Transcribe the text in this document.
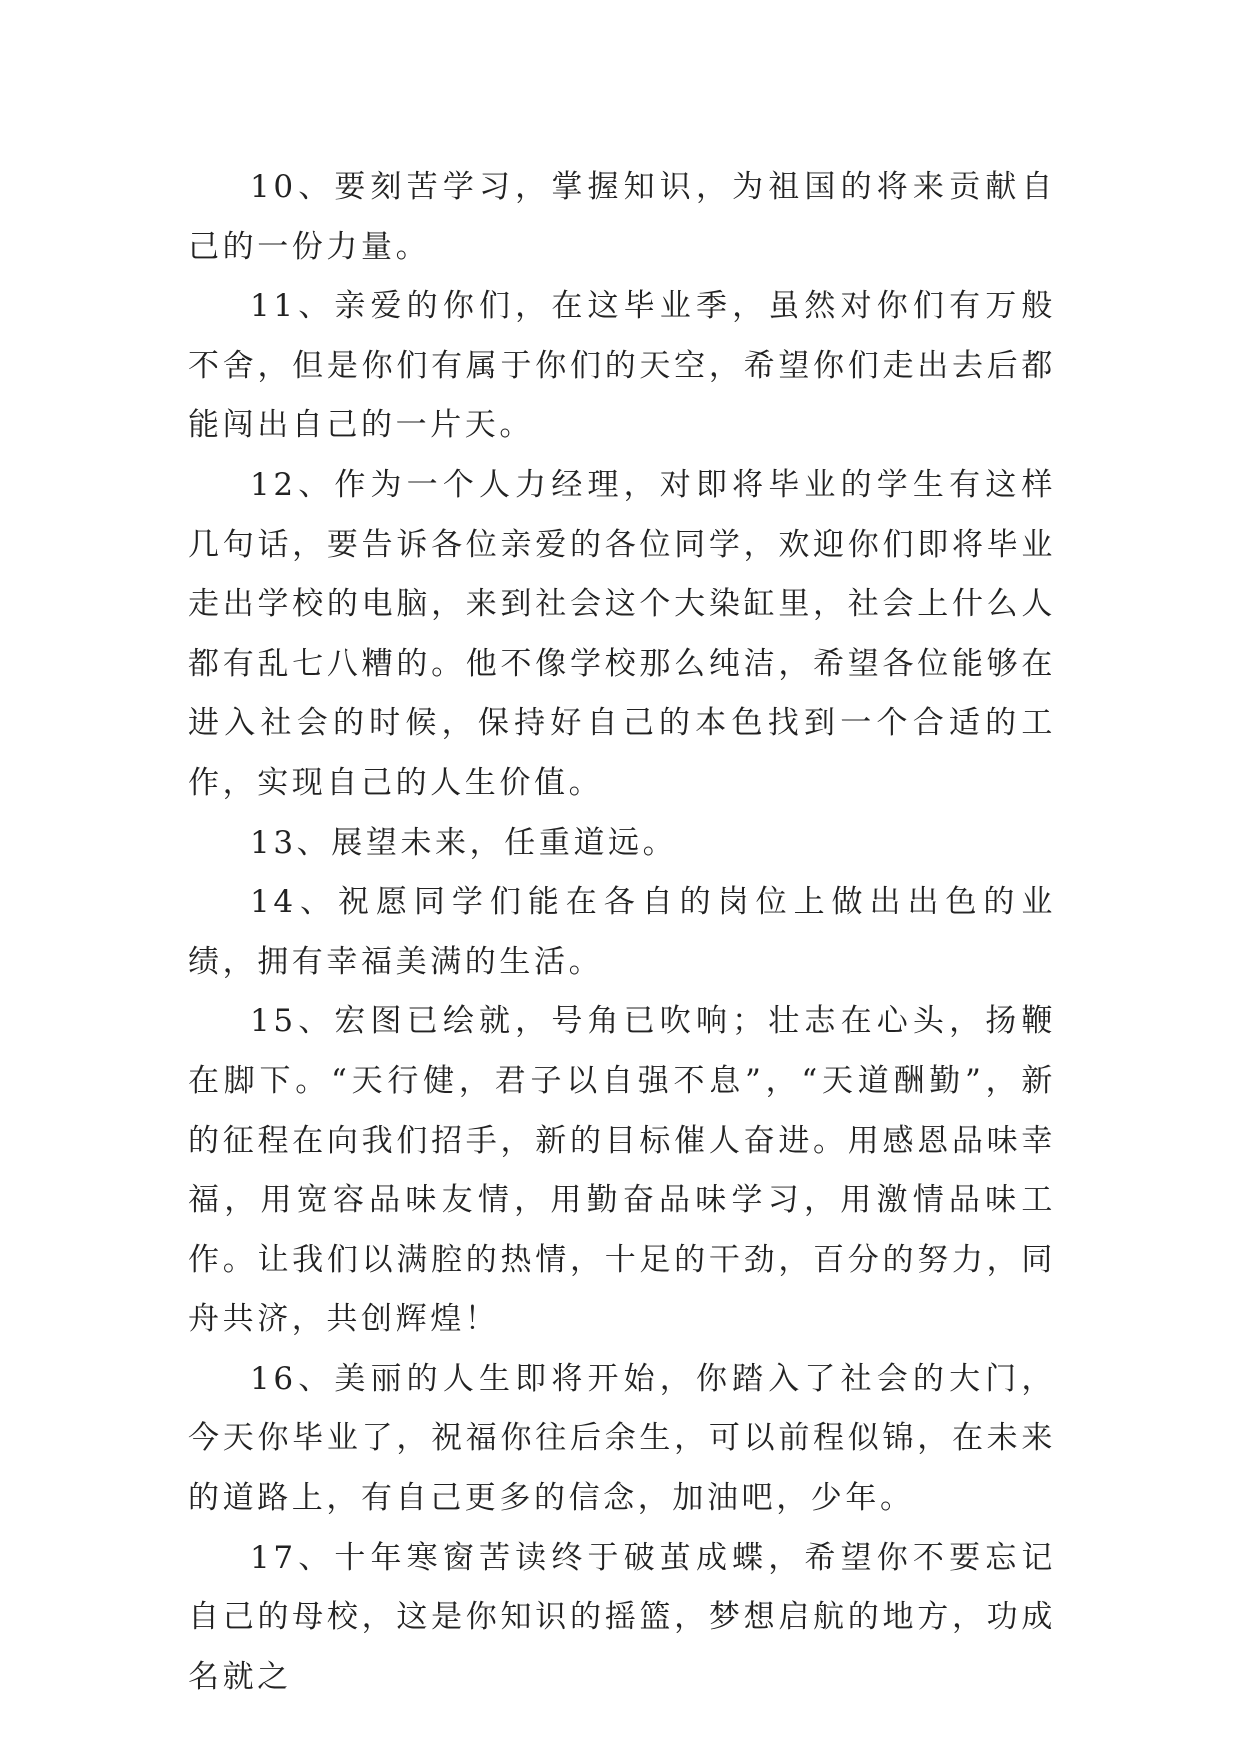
10、要刻苦学习，掌握知识，为祖国的将来贡献自己的一份力量。

11、亲爱的你们，在这毕业季，虽然对你们有万般不舍，但是你们有属于你们的天空，希望你们走出去后都能闯出自己的一片天。

12、作为一个人力经理，对即将毕业的学生有这样几句话，要告诉各位亲爱的各位同学，欢迎你们即将毕业走出学校的电脑，来到社会这个大染缸里，社会上什么人都有乱七八糟的。他不像学校那么纯洁，希望各位能够在进入社会的时候，保持好自己的本色找到一个合适的工作，实现自己的人生价值。

13、展望未来，任重道远。

14、祝愿同学们能在各自的岗位上做出出色的业绩，拥有幸福美满的生活。

15、宏图已绘就，号角已吹响；壮志在心头，扬鞭在脚下。“天行健，君子以自强不息”，“天道酬勤”，新的征程在向我们招手，新的目标催人奋进。用感恩品味幸福，用宽容品味友情，用勤奋品味学习，用激情品味工作。让我们以满腔的热情，十足的干劲，百分的努力，同舟共济，共创辉煌！

16、美丽的人生即将开始，你踏入了社会的大门，今天你毕业了，祝福你往后余生，可以前程似锦，在未来的道路上，有自己更多的信念，加油吧，少年。

17、十年寒窗苦读终于破茧成蝶，希望你不要忘记自己的母校，这是你知识的摇篮，梦想启航的地方，功成名就之
